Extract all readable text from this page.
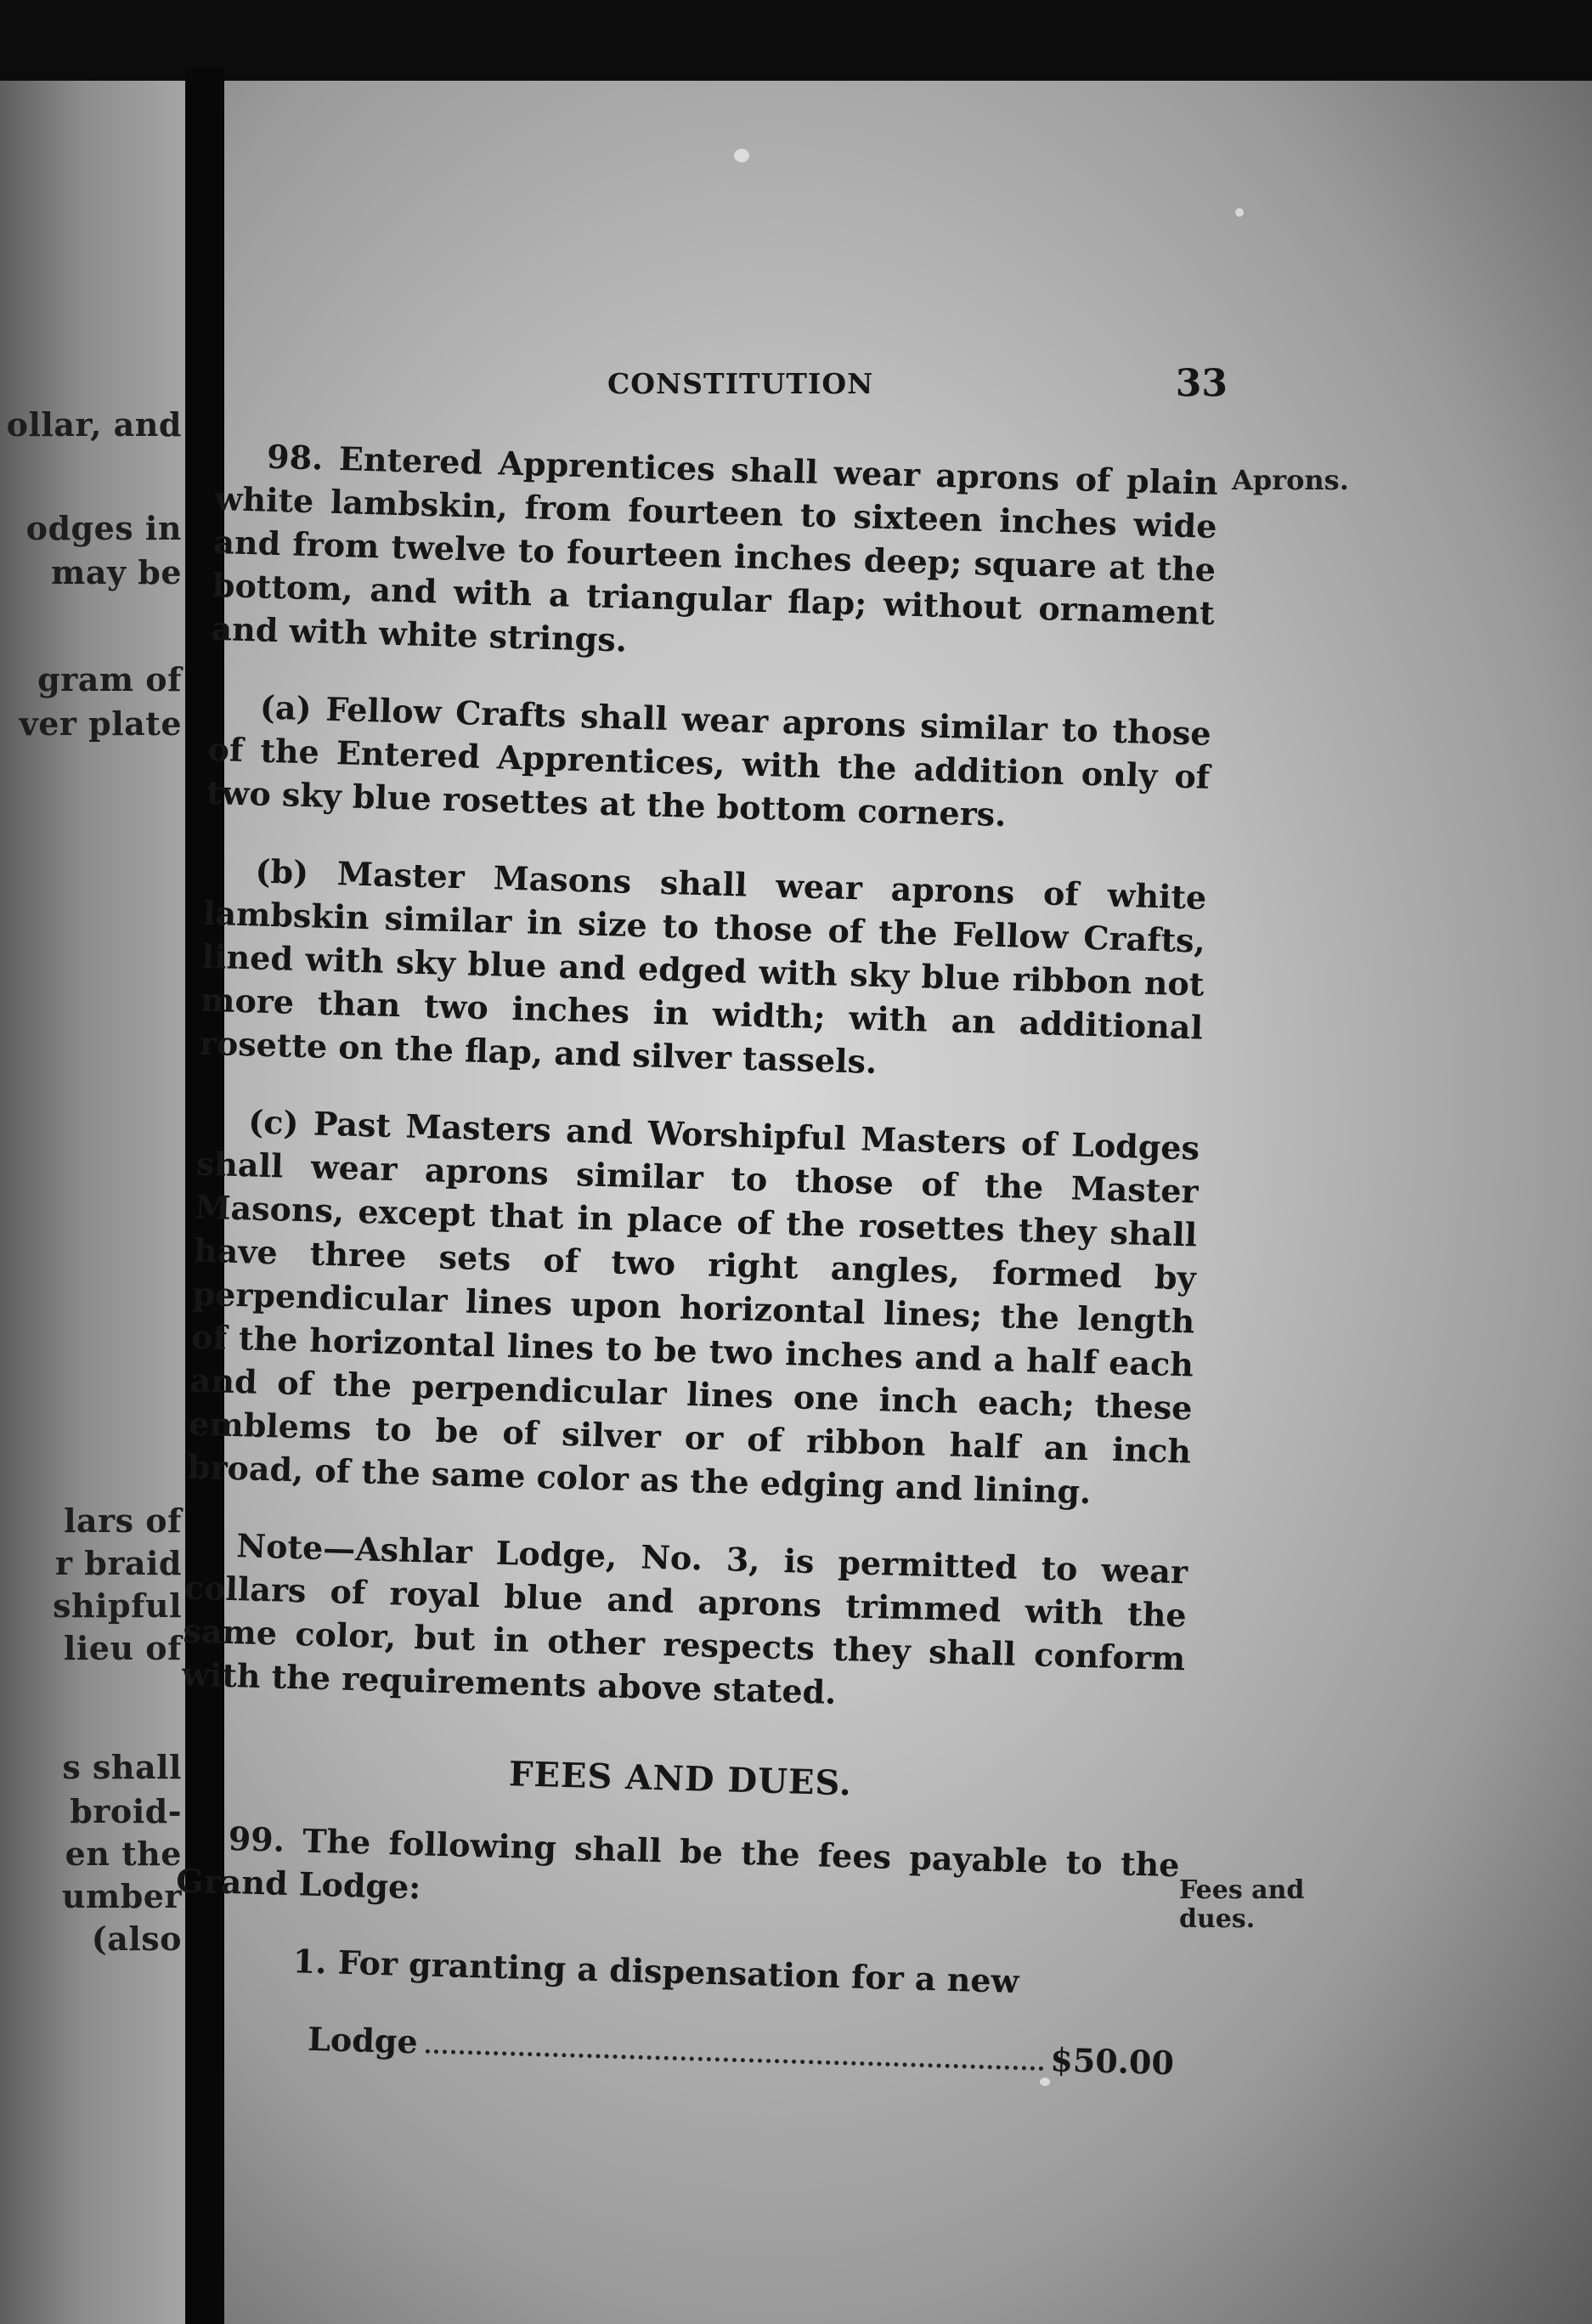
ollar, and
odges in
may be
gram of
ver plate
lars of
r braid
shipful
lieu of
s shall
broid-
en the
umber
(also
CONSTITUTION	33
Aprons.
Fees and dues.

98. Entered Apprentices shall wear aprons of plain white lambskin, from fourteen to sixteen inches wide and from twelve to fourteen inches deep; square at the bottom, and with a triangular flap; without ornament and with white strings.

(a) Fellow Crafts shall wear aprons similar to those of the Entered Apprentices, with the addition only of two sky blue rosettes at the bottom corners.

(b) Master Masons shall wear aprons of white lambskin similar in size to those of the Fellow Crafts, lined with sky blue and edged with sky blue ribbon not more than two inches in width; with an additional rosette on the flap, and silver tassels.

(c) Past Masters and Worshipful Masters of Lodges shall wear aprons similar to those of the Master Masons, except that in place of the rosettes they shall have three sets of two right angles, formed by perpendicular lines upon horizontal lines; the length of the horizontal lines to be two inches and a half each and of the perpendicular lines one inch each; these emblems to be of silver or of ribbon half an inch broad, of the same color as the edging and lining.

Note—Ashlar Lodge, No. 3, is permitted to wear collars of royal blue and aprons trimmed with the same color, but in other respects they shall conform with the requirements above stated.

FEES AND DUES.

99. The following shall be the fees payable to the Grand Lodge:

1. For granting a dispensation for a new

Lodge
$50.00
